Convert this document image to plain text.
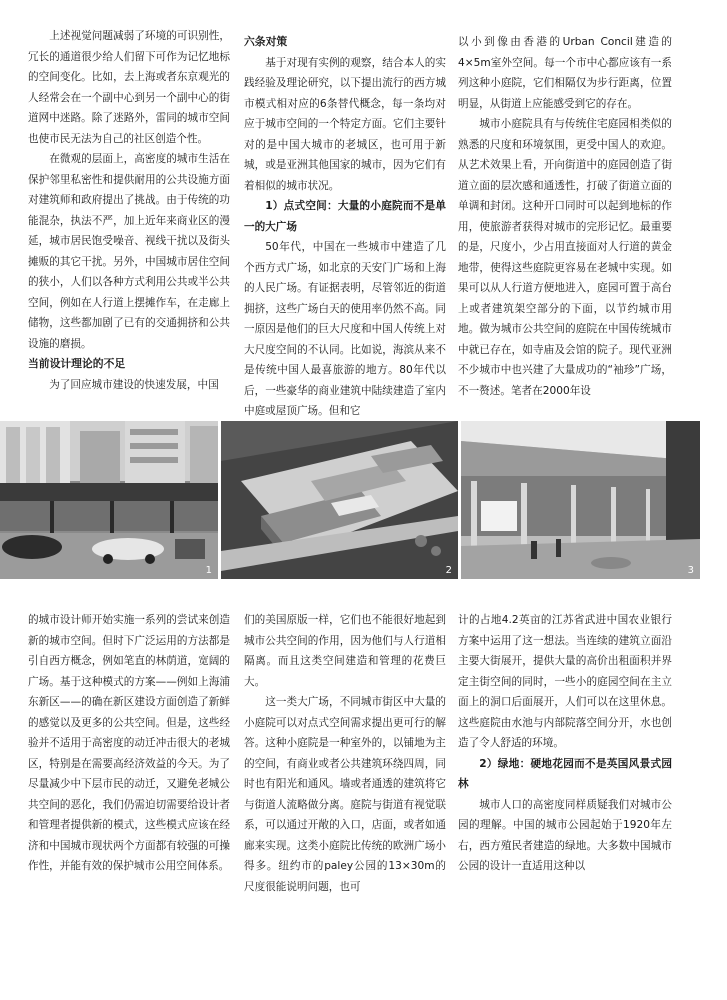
上述视觉问题减弱了环境的可识别性，冗长的通道很少给人们留下可作为记忆地标的空间变化。比如，去上海或者东京观光的人经常会在一个副中心到另一个副中心的街道网中迷路。除了迷路外，雷同的城市空间也使市民无法为自己的社区创造个性。

在微观的层面上，高密度的城市生活在保护邻里私密性和提供耐用的公共设施方面对建筑师和政府提出了挑战。由于传统的功能混杂，执法不严，加上近年来商业区的漫延，城市居民饱受噪音、视线干扰以及街头摊贩的其它干扰。另外，中国城市居住空间的狭小，人们以各种方式利用公共或半公共空间，例如在人行道上摆摊作车，在走廊上储物，这些都加剧了已有的交通拥挤和公共设施的磨损。

当前设计理论的不足

为了回应城市建设的快速发展，中国

六条对策

基于对现有实例的观察，结合本人的实践经验及理论研究，以下提出流行的西方城市模式相对应的6条替代概念，每一条均对应于城市空间的一个特定方面。它们主要针对的是中国大城市的老城区，也可用于新城，或是亚洲其他国家的城市，因为它们有着相似的城市状况。

1）点式空间：大量的小庭院而不是单一的大广场

50年代，中国在一些城市中建造了几个西方式广场，如北京的天安门广场和上海的人民广场。有证据表明，尽管邻近的街道拥挤，这些广场白天的使用率仍然不高。同一原因是他们的巨大尺度和中国人传统上对大尺度空间的不认同。比如说，海滨从来不是传统中国人最喜旅游的地方。80年代以后，一些豪华的商业建筑中陆续建造了室内中庭或屋顶广场。但和它

以小到像由香港的Urban Concil建造的4×5m室外空间。每一个市中心都应该有一系列这种小庭院，它们相隔仅为步行距离，位置明显，从街道上应能感受到它的存在。

城市小庭院具有与传统住宅庭园相类似的熟悉的尺度和环境氛围，更受中国人的欢迎。从艺术效果上看，开向街道中的庭园创造了街道立面的层次感和通透性，打破了街道立面的单调和封闭。这种开口同时可以起到地标的作用，使旅游者获得对城市的完形记忆。最重要的是，尺度小，少占用直接面对人行道的黄金地带，使得这些庭院更容易在老城中实现。如果可以从人行道方便地进入，庭园可置于高台上或者建筑架空部分的下面，以节约城市用地。做为城市公共空间的庭院在中国传统城市中就已存在，如寺庙及会馆的院子。现代亚洲不少城市中也兴建了大量成功的“袖珍”广场，不一赘述。笔者在2000年设

1	2	3

的城市设计师开始实施一系列的尝试来创造新的城市空间。但时下广泛运用的方法都是引自西方概念，例如笔直的林荫道，宽阔的广场。基于这种模式的方案——例如上海浦东新区——的确在新区建设方面创造了新鲜的感觉以及更多的公共空间。但是，这些经验并不适用于高密度的动迁冲击很大的老城区，特别是在需要高经济效益的今天。为了尽量减少中下层市民的动迁，又避免老城公共空间的恶化，我们仍需迫切需要给设计者和管理者提供新的模式，这些模式应该在经济和中国城市现状两个方面都有较强的可操作性，并能有效的保护城市公用空间体系。

们的美国原版一样，它们也不能很好地起到城市公共空间的作用，因为他们与人行道相隔离。而且这类空间建造和管理的花费巨大。

这一类大广场，不同城市街区中大量的小庭院可以对点式空间需求提出更可行的解答。这种小庭院是一种室外的，以铺地为主的空间，有商业或者公共建筑环绕四周，同时也有阳光和通风。墙或者通透的建筑将它与街道人流略做分离。庭院与街道有视觉联系，可以通过开敞的入口，店面，或者如通廊来实现。这类小庭院比传统的欧洲广场小得多。纽约市的paley公园的13×30m的尺度很能说明问题，也可

计的占地4.2英亩的江苏省武进中国农业银行方案中运用了这一想法。当连续的建筑立面沿主要大街展开，提供大量的高价出租面积并界定主街空间的同时，一些小的庭园空间在主立面上的洞口后面展开，人们可以在这里休息。这些庭院由水池与内部院落空间分开，水也创造了令人舒适的环境。

2）绿地：硬地花园而不是英国风景式园林

城市人口的高密度同样质疑我们对城市公园的理解。中国的城市公园起始于1920年左右，西方殖民者建造的绿地。大多数中国城市公园的设计一直适用这种以
